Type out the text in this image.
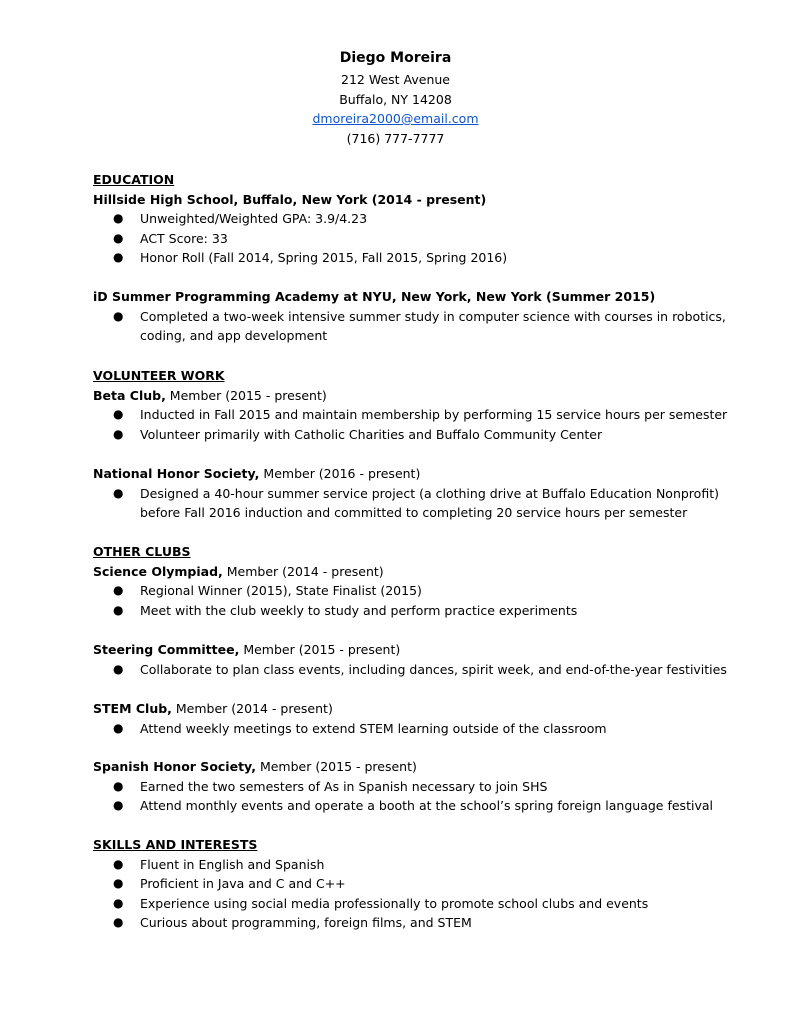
Diego Moreira
212 West Avenue
Buffalo, NY 14208
dmoreira2000@email.com
(716) 777-7777
EDUCATION
Hillside High School, Buffalo, New York (2014 - present)
● Unweighted/Weighted GPA: 3.9/4.23
● ACT Score: 33
● Honor Roll (Fall 2014, Spring 2015, Fall 2015, Spring 2016)
iD Summer Programming Academy at NYU, New York, New York (Summer 2015)
● Completed a two-week intensive summer study in computer science with courses in robotics, coding, and app development
VOLUNTEER WORK
Beta Club, Member (2015 - present)
● Inducted in Fall 2015 and maintain membership by performing 15 service hours per semester
● Volunteer primarily with Catholic Charities and Buffalo Community Center
National Honor Society, Member (2016 - present)
● Designed a 40-hour summer service project (a clothing drive at Buffalo Education Nonprofit) before Fall 2016 induction and committed to completing 20 service hours per semester
OTHER CLUBS
Science Olympiad, Member (2014 - present)
● Regional Winner (2015), State Finalist (2015)
● Meet with the club weekly to study and perform practice experiments
Steering Committee, Member (2015 - present)
● Collaborate to plan class events, including dances, spirit week, and end-of-the-year festivities
STEM Club, Member (2014 - present)
● Attend weekly meetings to extend STEM learning outside of the classroom
Spanish Honor Society, Member (2015 - present)
● Earned the two semesters of As in Spanish necessary to join SHS
● Attend monthly events and operate a booth at the school’s spring foreign language festival
SKILLS AND INTERESTS
● Fluent in English and Spanish
● Proficient in Java and C and C++
● Experience using social media professionally to promote school clubs and events
● Curious about programming, foreign films, and STEM
